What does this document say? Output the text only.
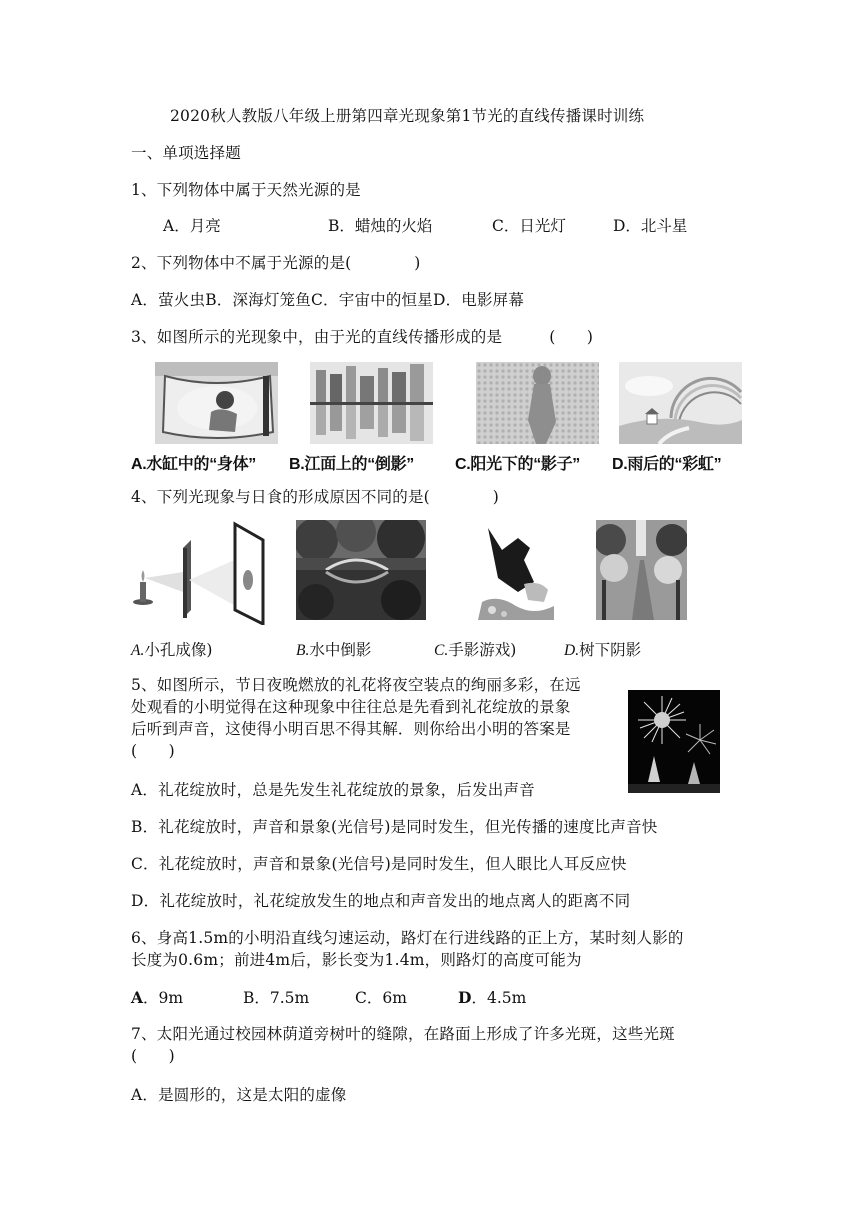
2020秋人教版八年级上册第四章光现象第1节光的直线传播课时训练
一、单项选择题
1、下列物体中属于天然光源的是
A．月亮	B．蜡烛的火焰	C．日光灯	D．北斗星
2、下列物体中不属于光源的是(　　　　)
A．萤火虫B．深海灯笼鱼C．宇宙中的恒星D．电影屏幕
3、如图所示的光现象中，由于光的直线传播形成的是　　　(　　)
A.水缸中的“身体” B.江面上的“倒影”	C.阳光下的“影子” D.雨后的“彩虹”
4、下列光现象与日食的形成原因不同的是(　　　　)
A.小孔成像)	B.水中倒影	C.手影游戏)	D.树下阴影
5、如图所示，节日夜晚燃放的礼花将夜空装点的绚丽多彩，在远
处观看的小明觉得在这种现象中往往总是先看到礼花绽放的景象
后听到声音，这使得小明百思不得其解．则你给出小明的答案是
(　　)
A．礼花绽放时，总是先发生礼花绽放的景象，后发出声音
B．礼花绽放时，声音和景象(光信号)是同时发生，但光传播的速度比声音快
C．礼花绽放时，声音和景象(光信号)是同时发生，但人眼比人耳反应快
D．礼花绽放时，礼花绽放发生的地点和声音发出的地点离人的距离不同
6、身高1.5m的小明沿直线匀速运动，路灯在行进线路的正上方，某时刻人影的
长度为0.6m；前进4m后，影长变为1.4m，则路灯的高度可能为
A．9m	B．7.5m	C．6m	D．4.5m
7、太阳光通过校园林荫道旁树叶的缝隙，在路面上形成了许多光斑，这些光斑
(　　)
A．是圆形的，这是太阳的虚像
